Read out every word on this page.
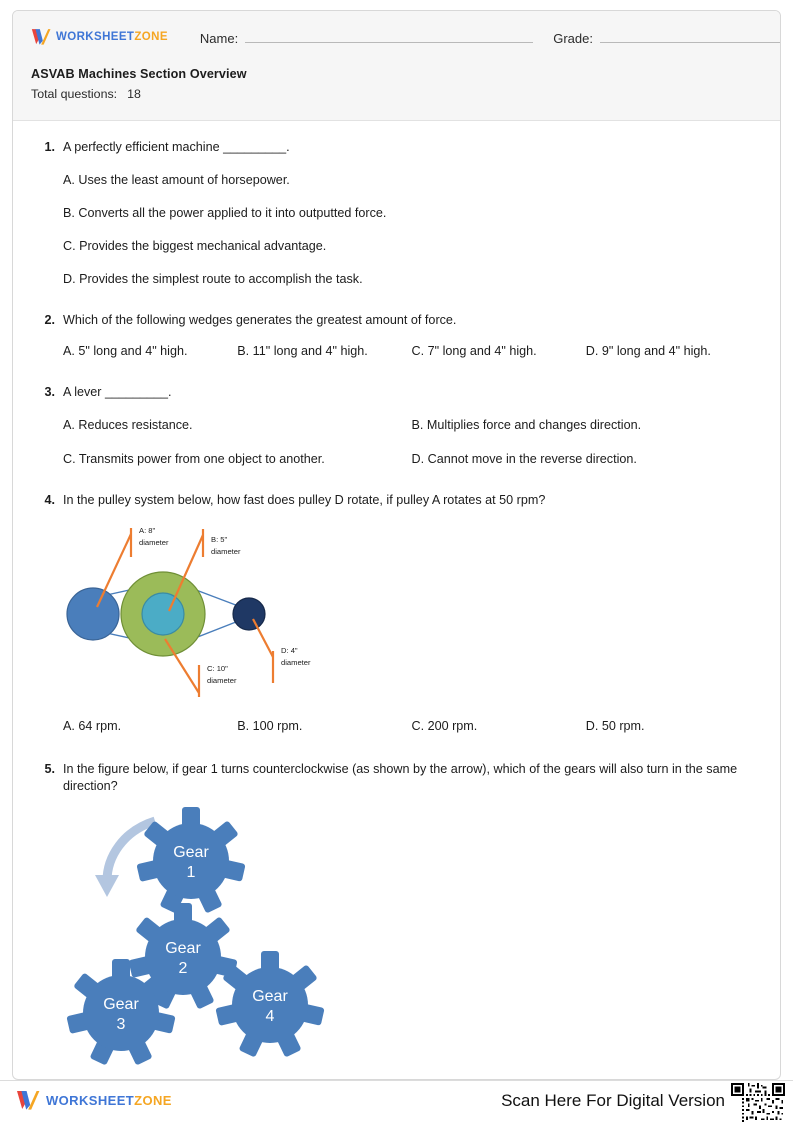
WORKSHEETZONE Name:	Grade:
ASVAB Machines Section Overview
Total questions: 18
1. A perfectly efficient machine _________.
A. Uses the least amount of horsepower.
B. Converts all the power applied to it into outputted force.
C. Provides the biggest mechanical advantage.
D. Provides the simplest route to accomplish the task.
2. Which of the following wedges generates the greatest amount of force.
A. 5" long and 4" high.	B. 11" long and 4" high.	C. 7" long and 4" high.	D. 9" long and 4" high.
3. A lever _________.
A. Reduces resistance.	B. Multiplies force and changes direction.
C. Transmits power from one object to another.	D. Cannot move in the reverse direction.
4. In the pulley system below, how fast does pulley D rotate, if pulley A rotates at 50 rpm?
A: 8"
diameter	B: 5"
diameter
C: 10"
diameter
D: 4"
diameter
A. 64 rpm.	B. 100 rpm.	C. 200 rpm.	D. 50 rpm.
5. In the figure below, if gear 1 turns counterclockwise (as shown by the arrow), which of the gears will also turn in the same direction?
Gear
1
Gear
2
Gear
3
Gear
4
WORKSHEETZONE	Scan Here For Digital Version
